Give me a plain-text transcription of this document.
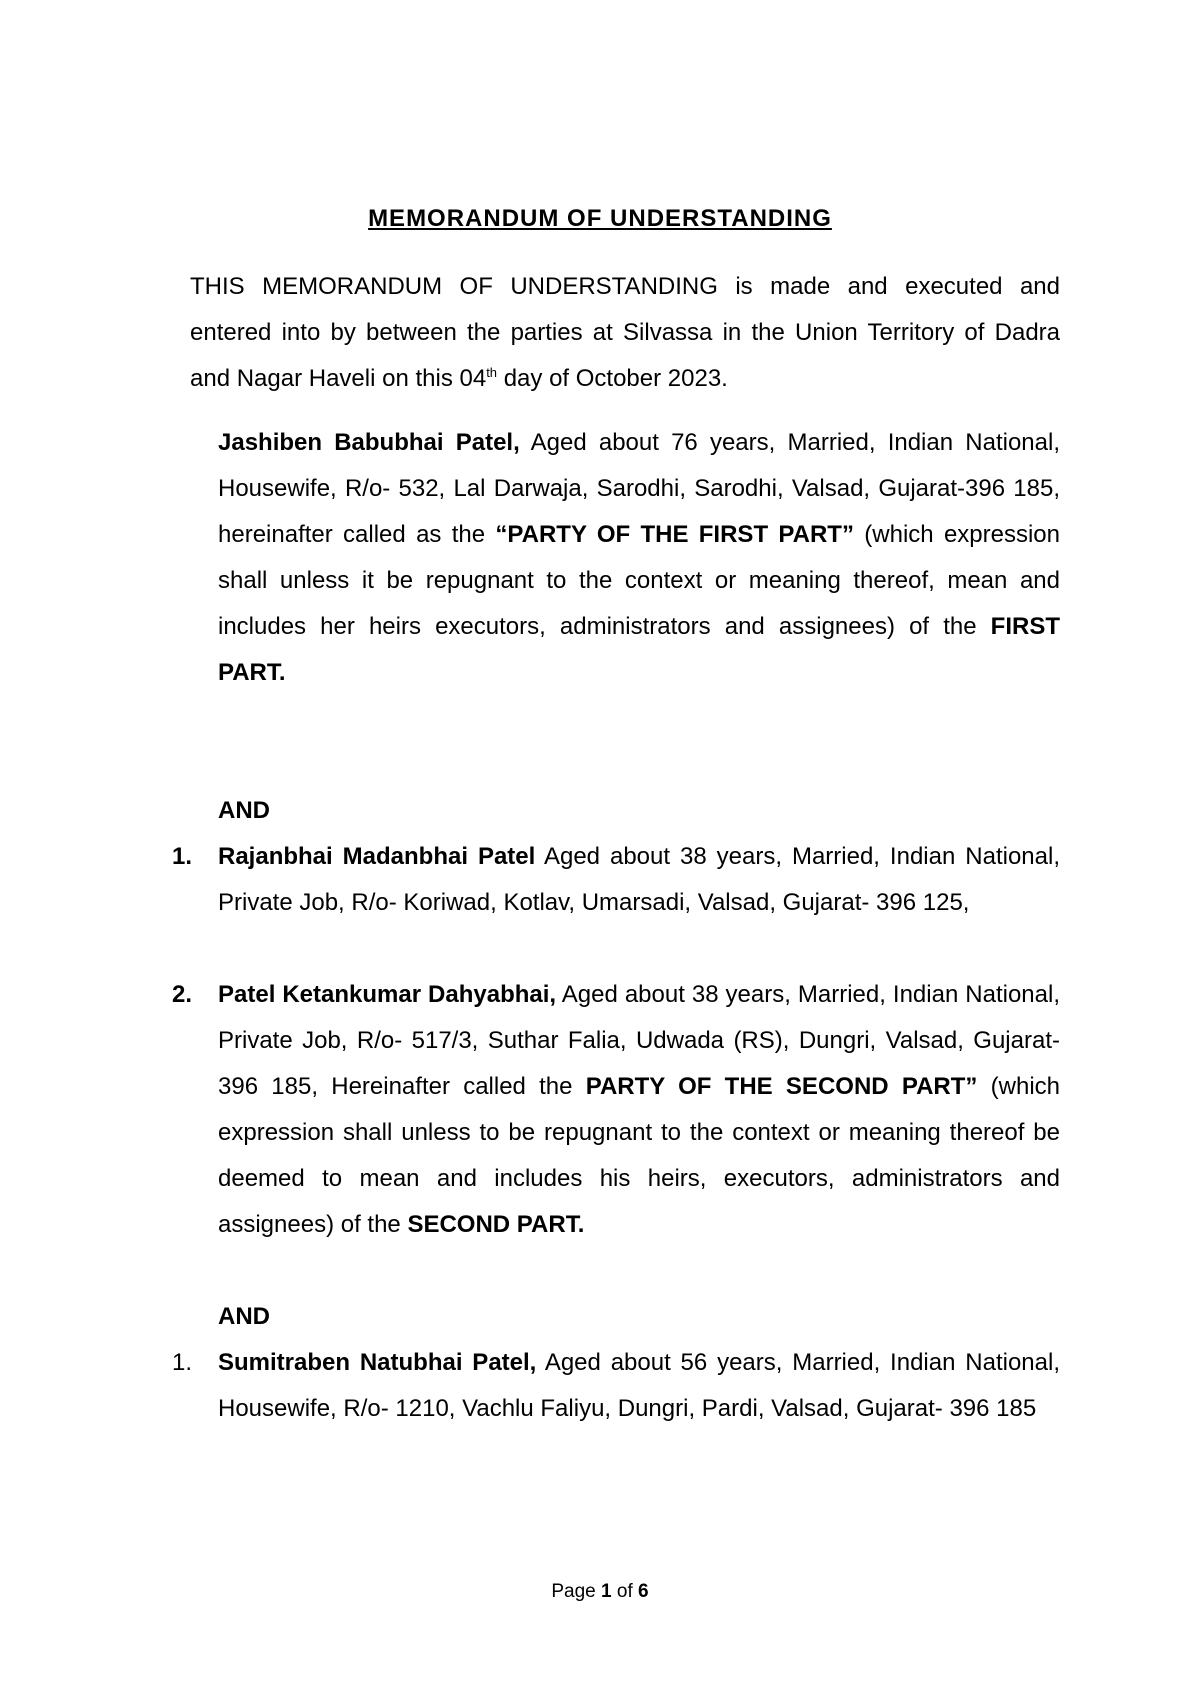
MEMORANDUM OF UNDERSTANDING
THIS MEMORANDUM OF UNDERSTANDING is made and executed and entered into by between the parties at Silvassa in the Union Territory of Dadra and Nagar Haveli on this 04th day of October 2023.
Jashiben Babubhai Patel, Aged about 76 years, Married, Indian National, Housewife, R/o- 532, Lal Darwaja, Sarodhi, Sarodhi, Valsad, Gujarat-396 185, hereinafter called as the “PARTY OF THE FIRST PART” (which expression shall unless it be repugnant to the context or meaning thereof, mean and includes her heirs executors, administrators and assignees) of the FIRST PART.
AND
1.	Rajanbhai Madanbhai Patel Aged about 38 years, Married, Indian National, Private Job, R/o- Koriwad, Kotlav, Umarsadi, Valsad, Gujarat- 396 125,
2.	Patel Ketankumar Dahyabhai, Aged about 38 years, Married, Indian National, Private Job, R/o- 517/3, Suthar Falia, Udwada (RS), Dungri, Valsad, Gujarat- 396 185, Hereinafter called the PARTY OF THE SECOND PART” (which expression shall unless to be repugnant to the context or meaning thereof be deemed to mean and includes his heirs, executors, administrators and assignees) of the SECOND PART.
AND
1.	Sumitraben Natubhai Patel, Aged about 56 years, Married, Indian National, Housewife, R/o- 1210, Vachlu Faliyu, Dungri, Pardi, Valsad, Gujarat- 396 185
Page 1 of 6
